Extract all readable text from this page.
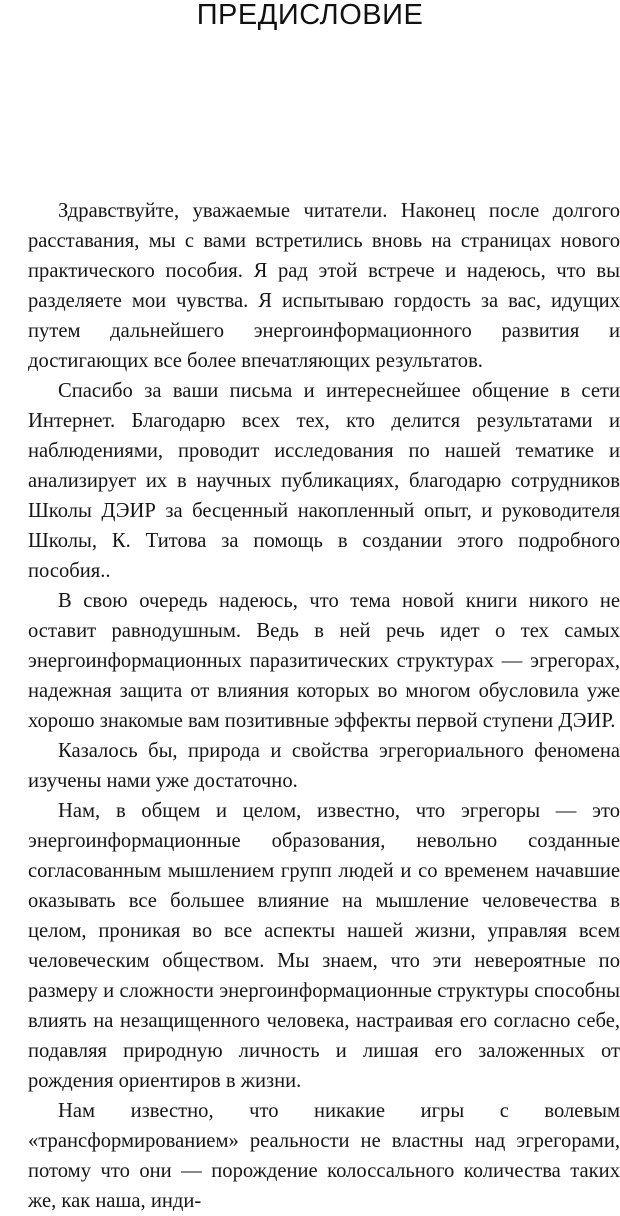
ПРЕДИСЛОВИЕ

Здравствуйте, уважаемые читатели. Наконец после долгого расставания, мы с вами встретились вновь на страницах нового практического пособия. Я рад этой встрече и надеюсь, что вы разделяете мои чувства. Я испытываю гордость за вас, идущих путем дальнейшего энергоинформационного развития и достигающих все более впечатляющих результатов.

Спасибо за ваши письма и интереснейшее общение в сети Интернет. Благодарю всех тех, кто делится результатами и наблюдениями, проводит исследования по нашей тематике и анализирует их в научных публикациях, благодарю сотрудников Школы ДЭИР за бесценный накопленный опыт, и руководителя Школы, К. Титова за помощь в создании этого подробного пособия..

В свою очередь надеюсь, что тема новой книги никого не оставит равнодушным. Ведь в ней речь идет о тех самых энергоинформационных паразитических структурах — эгрегорах, надежная защита от влияния которых во многом обусловила уже хорошо знакомые вам позитивные эффекты первой ступени ДЭИР.

Казалось бы, природа и свойства эгрегориального феномена изучены нами уже достаточно.

Нам, в общем и целом, известно, что эгрегоры — это энергоинформационные образования, невольно созданные согласованным мышлением групп людей и со временем начавшие оказывать все большее влияние на мышление человечества в целом, проникая во все аспекты нашей жизни, управляя всем человеческим обществом. Мы знаем, что эти невероятные по размеру и сложности энергоинформационные структуры способны влиять на незащищенного человека, настраивая его согласно себе, подавляя природную личность и лишая его заложенных от рождения ориентиров в жизни.

Нам известно, что никакие игры с волевым «трансформированием» реальности не властны над эгрегорами, потому что они — порождение колоссального количества таких же, как наша, инди-
